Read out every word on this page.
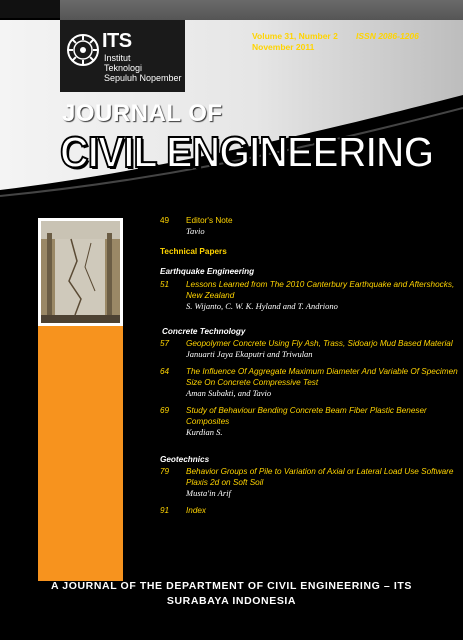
ITS
Institut
Teknologi
Sepuluh Nopember
Volume 31, Number 2
November 2011
ISSN 2086-1206
JOURNAL OF
CIVIL ENGINEERING
49 Editor's Note
Tavio
Technical Papers
Earthquake Engineering
51 Lessons Learned from The 2010 Canterbury Earthquake and Aftershocks, New Zealand
S. Wijanto, C. W. K. Hyland and T. Andriono
Concrete Technology
57 Geopolymer Concrete Using Fly Ash, Trass, Sidoarjo Mud Based Material
Januarti Jaya Ekaputri and Triwulan
64 The Influence Of Aggregate Maximum Diameter And Variable Of Specimen Size On Concrete Compressive Test
Aman Subakti, and Tavio
69 Study of Behaviour Bending Concrete Beam Fiber Plastic Beneser Composites
Kurdian S.
Geotechnics
79 Behavior Groups of Pile to Variation of Axial or Lateral Load Use Software Plaxis 2d on Soft Soil
Musta'in Arif
91 Index
A JOURNAL OF THE DEPARTMENT OF CIVIL ENGINEERING – ITS
SURABAYA INDONESIA
